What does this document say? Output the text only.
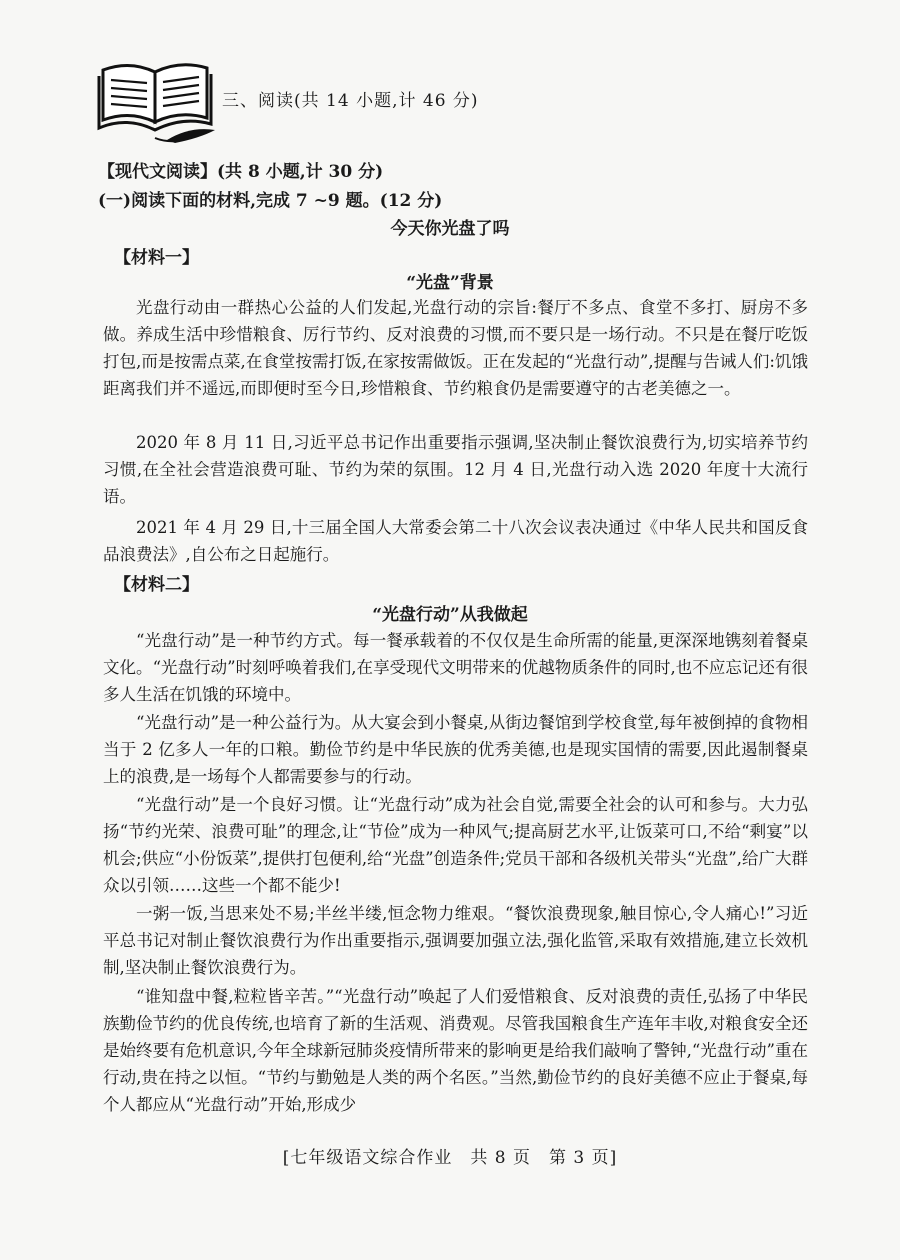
三、阅读(共 14 小题,计 46 分)
【现代文阅读】(共 8 小题,计 30 分)
(一)阅读下面的材料,完成 7 ~9 题。(12 分)
今天你光盘了吗
【材料一】
“光盘”背景

光盘行动由一群热心公益的人们发起,光盘行动的宗旨:餐厅不多点、食堂不多打、厨房不多做。养成生活中珍惜粮食、厉行节约、反对浪费的习惯,而不要只是一场行动。不只是在餐厅吃饭打包,而是按需点菜,在食堂按需打饭,在家按需做饭。正在发起的“光盘行动”,提醒与告诫人们:饥饿距离我们并不遥远,而即便时至今日,珍惜粮食、节约粮食仍是需要遵守的古老美德之一。

2020 年 8 月 11 日,习近平总书记作出重要指示强调,坚决制止餐饮浪费行为,切实培养节约习惯,在全社会营造浪费可耻、节约为荣的氛围。12 月 4 日,光盘行动入选 2020 年度十大流行语。

2021 年 4 月 29 日,十三届全国人大常委会第二十八次会议表决通过《中华人民共和国反食品浪费法》,自公布之日起施行。

【材料二】
“光盘行动”从我做起

“光盘行动”是一种节约方式。每一餐承载着的不仅仅是生命所需的能量,更深深地镌刻着餐桌文化。“光盘行动”时刻呼唤着我们,在享受现代文明带来的优越物质条件的同时,也不应忘记还有很多人生活在饥饿的环境中。

“光盘行动”是一种公益行为。从大宴会到小餐桌,从街边餐馆到学校食堂,每年被倒掉的食物相当于 2 亿多人一年的口粮。勤俭节约是中华民族的优秀美德,也是现实国情的需要,因此遏制餐桌上的浪费,是一场每个人都需要参与的行动。

“光盘行动”是一个良好习惯。让“光盘行动”成为社会自觉,需要全社会的认可和参与。大力弘扬“节约光荣、浪费可耻”的理念,让“节俭”成为一种风气;提高厨艺水平,让饭菜可口,不给“剩宴”以机会;供应“小份饭菜”,提供打包便利,给“光盘”创造条件;党员干部和各级机关带头“光盘”,给广大群众以引领……这些一个都不能少!

一粥一饭,当思来处不易;半丝半缕,恒念物力维艰。“餐饮浪费现象,触目惊心,令人痛心!”习近平总书记对制止餐饮浪费行为作出重要指示,强调要加强立法,强化监管,采取有效措施,建立长效机制,坚决制止餐饮浪费行为。

“谁知盘中餐,粒粒皆辛苦。”“光盘行动”唤起了人们爱惜粮食、反对浪费的责任,弘扬了中华民族勤俭节约的优良传统,也培育了新的生活观、消费观。尽管我国粮食生产连年丰收,对粮食安全还是始终要有危机意识,今年全球新冠肺炎疫情所带来的影响更是给我们敲响了警钟,“光盘行动”重在行动,贵在持之以恒。“节约与勤勉是人类的两个名医。”当然,勤俭节约的良好美德不应止于餐桌,每个人都应从“光盘行动”开始,形成少

[七年级语文综合作业　共 8 页　第 3 页]
